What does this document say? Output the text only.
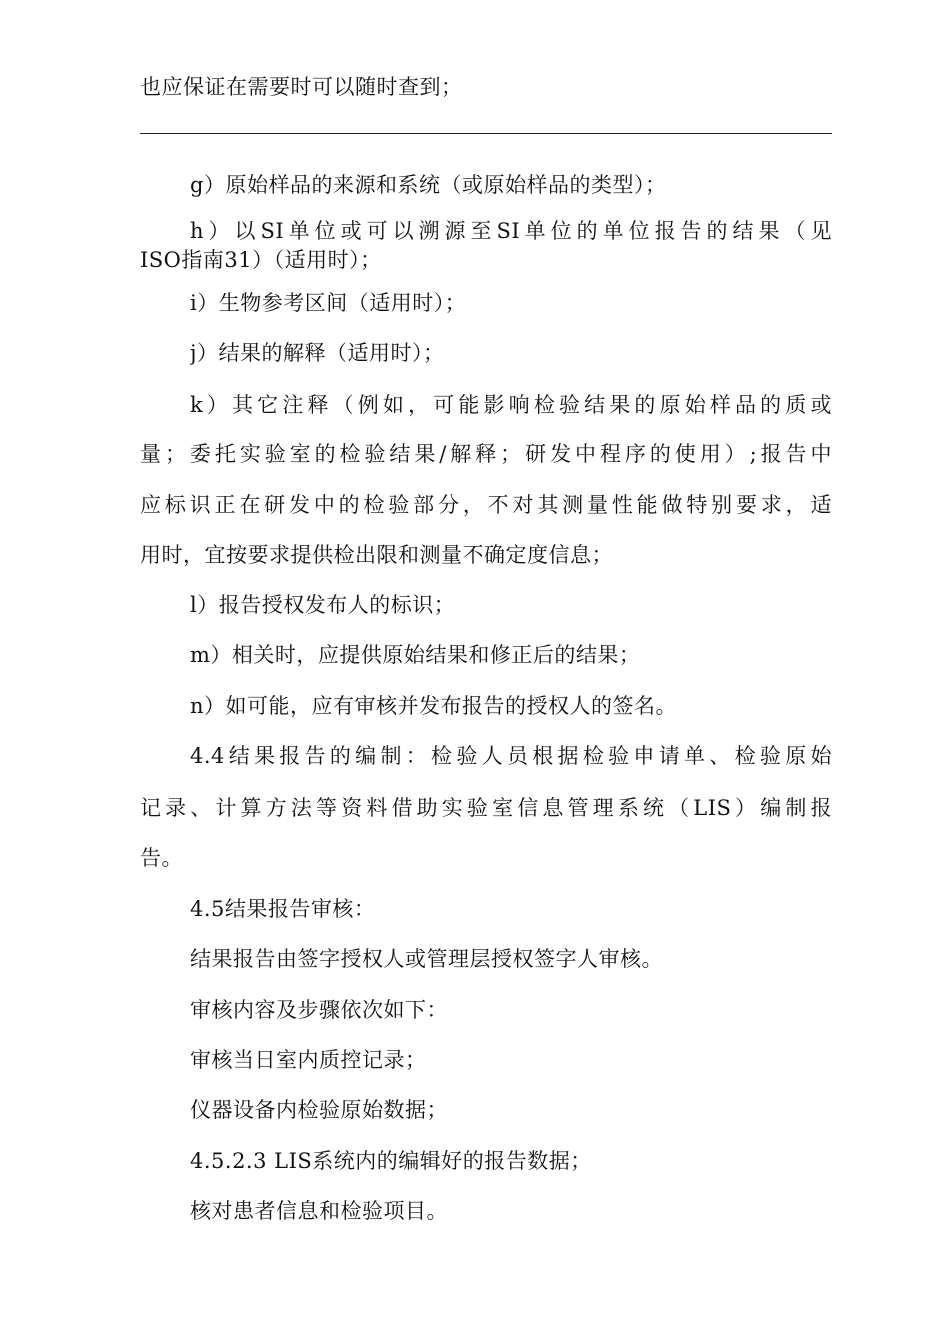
也应保证在需要时可以随时查到；
g）原始样品的来源和系统（或原始样品的类型）；
h）以SI单位或可以溯源至SI单位的单位报告的结果（见
ISO指南31）（适用时）；
i）生物参考区间（适用时）；
j）结果的解释（适用时）；
k）其它注释（例如，可能影响检验结果的原始样品的质或
量；委托实验室的检验结果/解释；研发中程序的使用）;报告中
应标识正在研发中的检验部分，不对其测量性能做特别要求，适
用时，宜按要求提供检出限和测量不确定度信息；
l）报告授权发布人的标识；
m）相关时，应提供原始结果和修正后的结果；
n）如可能，应有审核并发布报告的授权人的签名。
4.4结果报告的编制：检验人员根据检验申请单、检验原始
记录、计算方法等资料借助实验室信息管理系统（LIS）编制报
告。
4.5结果报告审核：
结果报告由签字授权人或管理层授权签字人审核。
审核内容及步骤依次如下：
审核当日室内质控记录；
仪器设备内检验原始数据；
4.5.2.3 LIS系统内的编辑好的报告数据；
核对患者信息和检验项目。
